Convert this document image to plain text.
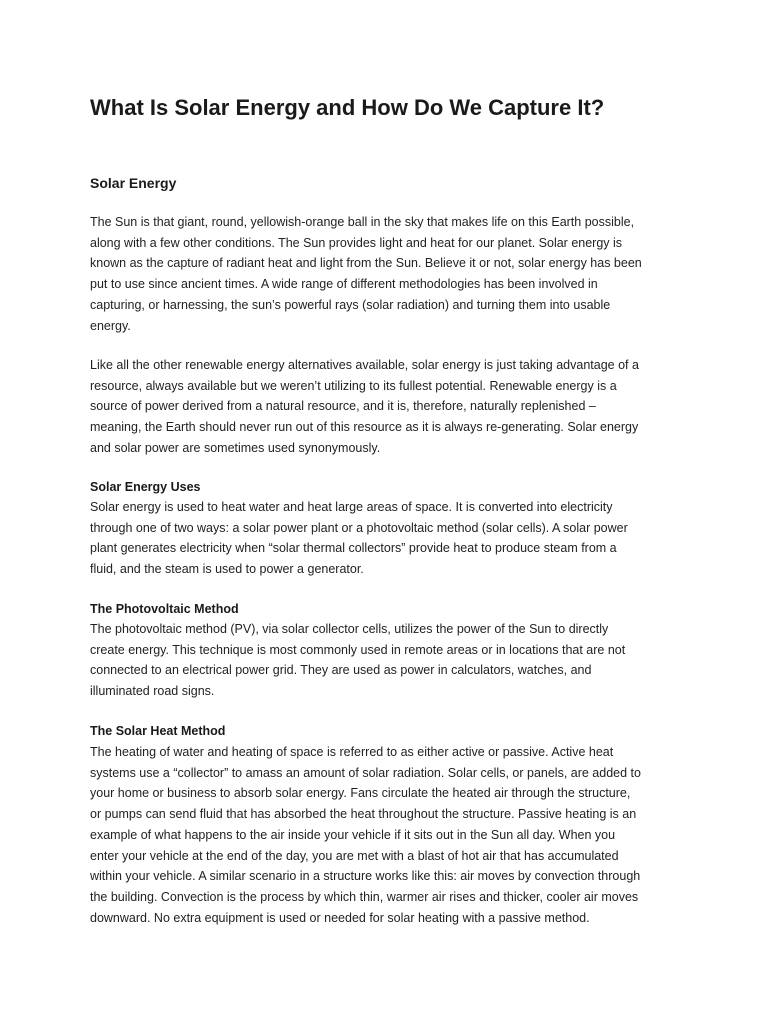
What Is Solar Energy and How Do We Capture It?
Solar Energy

The Sun is that giant, round, yellowish-orange ball in the sky that makes life on this Earth possible,
along with a few other conditions. The Sun provides light and heat for our planet. Solar energy is
known as the capture of radiant heat and light from the Sun. Believe it or not, solar energy has been
put to use since ancient times. A wide range of different methodologies has been involved in
capturing, or harnessing, the sun’s powerful rays (solar radiation) and turning them into usable
energy.

Like all the other renewable energy alternatives available, solar energy is just taking advantage of a
resource, always available but we weren’t utilizing to its fullest potential. Renewable energy is a
source of power derived from a natural resource, and it is, therefore, naturally replenished –
meaning, the Earth should never run out of this resource as it is always re-generating. Solar energy
and solar power are sometimes used synonymously.

Solar Energy Uses

Solar energy is used to heat water and heat large areas of space. It is converted into electricity
through one of two ways: a solar power plant or a photovoltaic method (solar cells). A solar power
plant generates electricity when “solar thermal collectors” provide heat to produce steam from a
fluid, and the steam is used to power a generator.

The Photovoltaic Method

The photovoltaic method (PV), via solar collector cells, utilizes the power of the Sun to directly
create energy. This technique is most commonly used in remote areas or in locations that are not
connected to an electrical power grid. They are used as power in calculators, watches, and
illuminated road signs.

The Solar Heat Method

The heating of water and heating of space is referred to as either active or passive. Active heat
systems use a “collector” to amass an amount of solar radiation. Solar cells, or panels, are added to
your home or business to absorb solar energy. Fans circulate the heated air through the structure,
or pumps can send fluid that has absorbed the heat throughout the structure. Passive heating is an
example of what happens to the air inside your vehicle if it sits out in the Sun all day. When you
enter your vehicle at the end of the day, you are met with a blast of hot air that has accumulated
within your vehicle. A similar scenario in a structure works like this: air moves by convection through
the building. Convection is the process by which thin, warmer air rises and thicker, cooler air moves
downward. No extra equipment is used or needed for solar heating with a passive method.
